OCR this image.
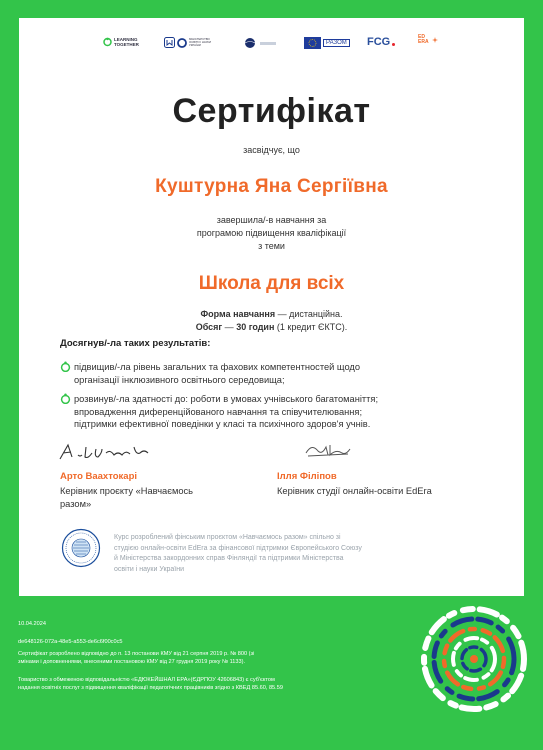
LEARNING
TOGETHER
МІНІСТЕРСТВО ОСВІТИ І НАУКИ УКРАЇНИ	РАЗОМ FCG	ED ERA
Сертифікат
засвідчує, що
Куштурна Яна Сергіївна
завершила/-в навчання за
програмою підвищення кваліфікації
з теми
Школа для всіх
Форма навчання — дистанційна.
Обсяг — 30 годин (1 кредит ЄКТС).
Досягнув/-ла таких результатів:
підвищив/-ла рівень загальних та фахових компетентностей щодо
організації інклюзивного освітнього середовища;
розвинув/-ла здатності до: роботи в умовах учнівського багатоманіття;
впровадження диференційованого навчання та співучителювання;
підтримки ефективної поведінки у класі та психічного здоров'я учнів.
Арто Ваахтокарі
Керівник проєкту «Навчаємось
разом»
Ілля Філіпов
Керівник студії онлайн-освіти EdEra
Курс розроблений фінським проєктом «Навчаємось разом» спільно зі
студією онлайн-освіти EdEra за фінансової підтримки Європейського Союзу
й Міністерства закордонних справ Фінляндії та підтримки Міністерства
освіти і науки України
10.04.2024
de648126-072a-48e5-a553-de6c6f00c0c5
Сертифікат розроблено відповідно до п. 13 постанови КМУ від 21 серпня 2019 р. № 800 (зі
змінами і доповненнями, внесеними постановою КМУ від 27 грудня 2019 року № 1133).
Товариство з обмеженою відповідальністю «ЕДЮКЕЙШНАЛ ЕРА»(ЄДРПОУ 42606843) є суб'єктом
надання освітніх послуг з підвищення кваліфікації педагогічних працівників згідно з КВЕД 85.60, 85.59
